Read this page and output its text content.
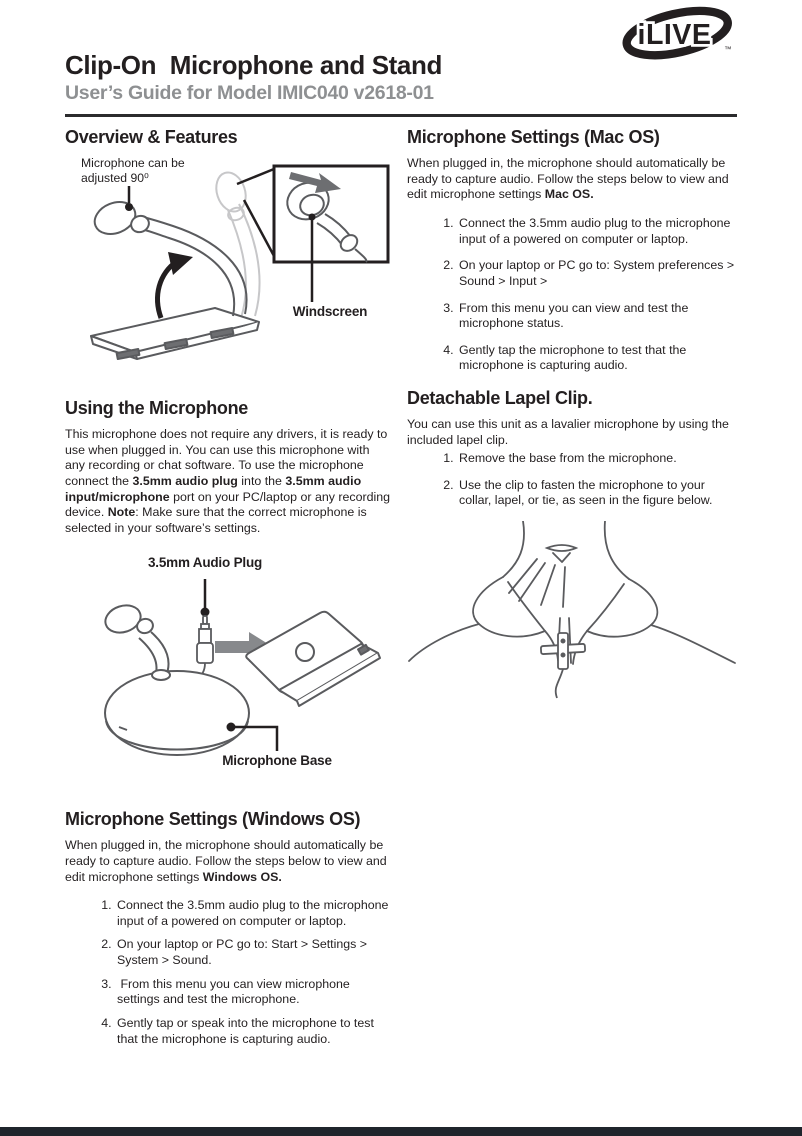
Clip-On  Microphone and Stand
User’s Guide for Model IMIC040 v2618-01
iLIVE ™
Overview & Features
Microphone can be adjusted 90⁰
Windscreen
Using the Microphone

This microphone does not require any drivers, it is ready to use when plugged in. You can use this microphone with any recording or chat software. To use the microphone connect the 3.5mm audio plug into the 3.5mm audio input/microphone port on your PC/laptop or any recording device. Note: Make sure that the correct microphone is selected in your software’s settings.

3.5mm Audio Plug
Microphone Base
Microphone Settings (Windows OS)

When plugged in, the microphone should automatically be ready to capture audio. Follow the steps below to view and edit microphone settings Windows OS.

1. Connect the 3.5mm audio plug to the microphone input of a powered on computer or laptop.
2. On your laptop or PC go to: Start > Settings > System > Sound.
3.  From this menu you can view microphone settings and test the microphone.
4. Gently tap or speak into the microphone to test that the microphone is capturing audio.
Microphone Settings (Mac OS)

When plugged in, the microphone should automatically be ready to capture audio. Follow the steps below to view and edit microphone settings Mac OS.

1. Connect the 3.5mm audio plug to the microphone input of a powered on computer or laptop.
2. On your laptop or PC go to: System preferences > Sound > Input >
3. From this menu you can view and test the microphone status.
4. Gently tap the microphone to test that the microphone is capturing audio.
Detachable Lapel Clip.

You can use this unit as a lavalier microphone by using the included lapel clip.

1. Remove the base from the microphone.
2. Use the clip to fasten the microphone to your collar, lapel, or tie, as seen in the figure below.
